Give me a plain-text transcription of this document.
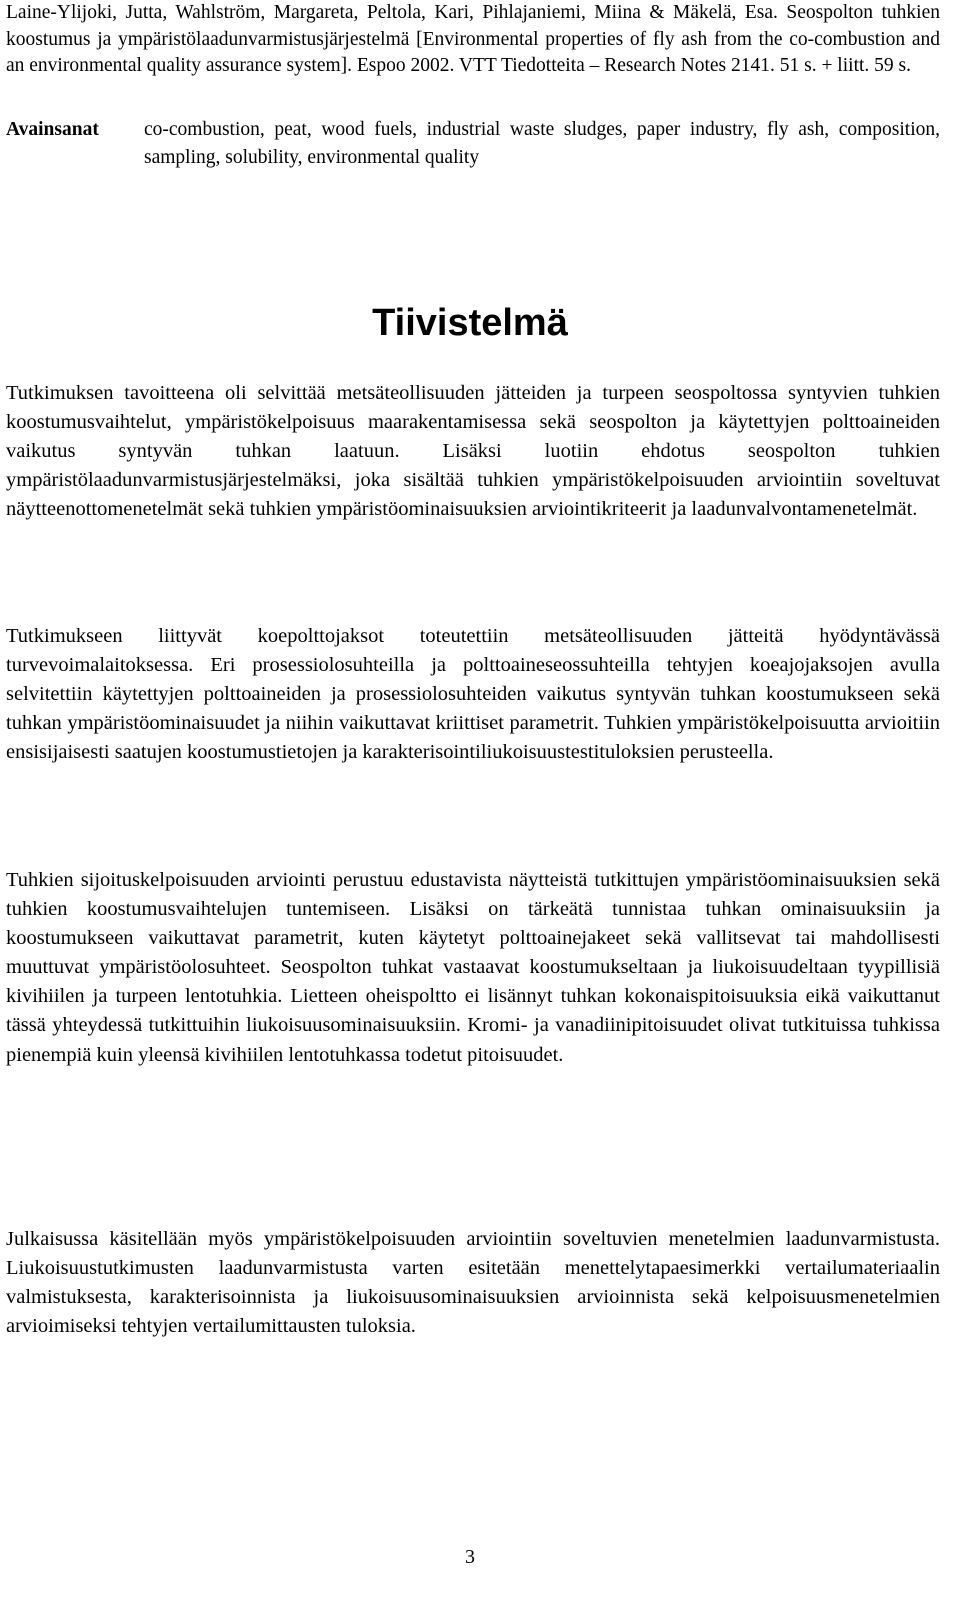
Laine-Ylijoki, Jutta, Wahlström, Margareta, Peltola, Kari, Pihlajaniemi, Miina & Mäkelä, Esa. Seospolton tuhkien koostumus ja ympäristölaadunvarmistusjärjestelmä [Environmental properties of fly ash from the co-combustion and an environmental quality assurance system]. Espoo 2002. VTT Tiedotteita – Research Notes 2141. 51 s. + liitt. 59 s.
Avainsanat	co-combustion, peat, wood fuels, industrial waste sludges, paper industry, fly ash, composition, sampling, solubility, environmental quality
Tiivistelmä

Tutkimuksen tavoitteena oli selvittää metsäteollisuuden jätteiden ja turpeen seospoltossa syntyvien tuhkien koostumusvaihtelut, ympäristökelpoisuus maarakentamisessa sekä seospolton ja käytettyjen polttoaineiden vaikutus syntyvän tuhkan laatuun. Lisäksi luotiin ehdotus seospolton tuhkien ympäristölaadunvarmistusjärjestelmäksi, joka sisältää tuhkien ympäristökelpoisuuden arviointiin soveltuvat näytteenottomenetelmät sekä tuhkien ympäristöominaisuuksien arviointikriteerit ja laadunvalvontamenetelmät.

Tutkimukseen liittyvät koepolttojaksot toteutettiin metsäteollisuuden jätteitä hyödyntävässä turvevoimalaitoksessa. Eri prosessiolosuhteilla ja polttoaineseossuhteilla tehtyjen koeajojaksojen avulla selvitettiin käytettyjen polttoaineiden ja prosessiolosuhteiden vaikutus syntyvän tuhkan koostumukseen sekä tuhkan ympäristöominaisuudet ja niihin vaikuttavat kriittiset parametrit. Tuhkien ympäristökelpoisuutta arvioitiin ensisijaisesti saatujen koostumustietojen ja karakterisointiliukoisuustestituloksien perusteella.

Tuhkien sijoituskelpoisuuden arviointi perustuu edustavista näytteistä tutkittujen ympäristöominaisuuksien sekä tuhkien koostumusvaihtelujen tuntemiseen. Lisäksi on tärkeätä tunnistaa tuhkan ominaisuuksiin ja koostumukseen vaikuttavat parametrit, kuten käytetyt polttoainejakeet sekä vallitsevat tai mahdollisesti muuttuvat ympäristöolosuhteet. Seospolton tuhkat vastaavat koostumukseltaan ja liukoisuudeltaan tyypillisiä kivihiilen ja turpeen lentotuhkia. Lietteen oheispoltto ei lisännyt tuhkan kokonaispitoisuuksia eikä vaikuttanut tässä yhteydessä tutkittuihin liukoisuusominaisuuksiin. Kromi- ja vanadiinipitoisuudet olivat tutkituissa tuhkissa pienempiä kuin yleensä kivihiilen lentotuhkassa todetut pitoisuudet.

Julkaisussa käsitellään myös ympäristökelpoisuuden arviointiin soveltuvien menetelmien laadunvarmistusta. Liukoisuustutkimusten laadunvarmistusta varten esitetään menettelytapaesimerkki vertailumateriaalin valmistuksesta, karakterisoinnista ja liukoisuusominaisuuksien arvioinnista sekä kelpoisuusmenetelmien arvioimiseksi tehtyjen vertailumittausten tuloksia.

3
